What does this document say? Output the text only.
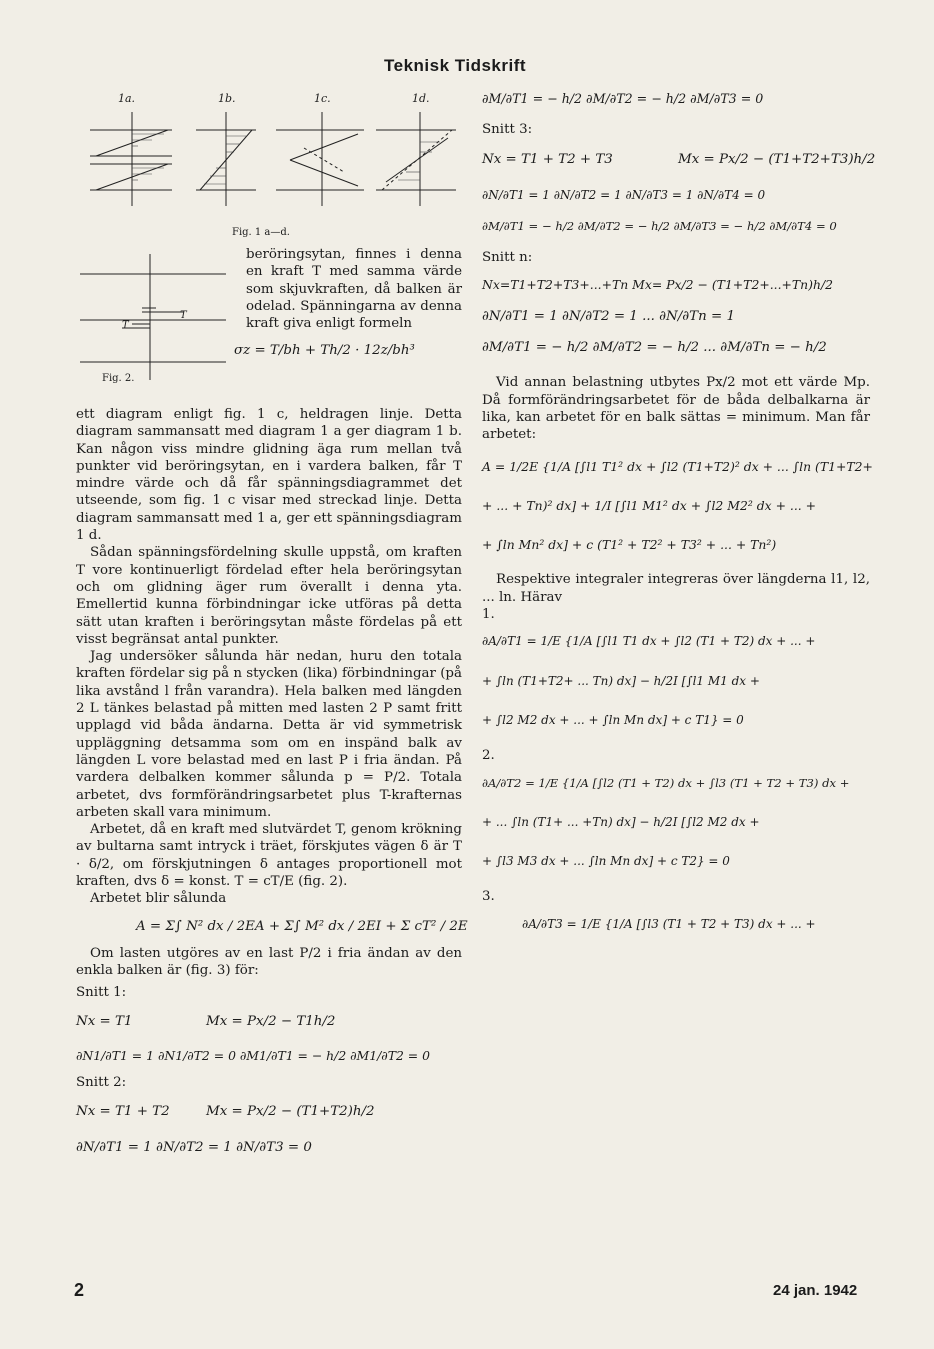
Teknisk Tidskrift
1a.	1b.	1c.	1d.
Fig. 1 a—d.
T
T
Fig. 2.

beröringsytan, finnes i denna en kraft T med samma värde som skjuvkraften, då balken är odelad. Spänningarna av denna kraft giva enligt formeln

σz = T/bh + Th/2 · 12z/bh³

ett diagram enligt fig. 1 c, heldragen linje. Detta diagram sammansatt med diagram 1 a ger diagram 1 b. Kan någon viss mindre glidning äga rum mellan två punkter vid beröringsytan, en i vardera balken, får T mindre värde och då får spänningsdiagrammet det utseende, som fig. 1 c visar med streckad linje. Detta diagram sammansatt med 1 a, ger ett spänningsdiagram 1 d.

Sådan spänningsfördelning skulle uppstå, om kraften T vore kontinuerligt fördelad efter hela beröringsytan och om glidning äger rum överallt i denna yta. Emellertid kunna förbindningar icke utföras på detta sätt utan kraften i beröringsytan måste fördelas på ett visst begränsat antal punkter.

Jag undersöker sålunda här nedan, huru den totala kraften fördelar sig på n stycken (lika) förbindningar (på lika avstånd l från varandra). Hela balken med längden 2 L tänkes belastad på mitten med lasten 2 P samt fritt upplagd vid båda ändarna. Detta är vid symmetrisk uppläggning detsamma som om en inspänd balk av längden L vore belastad med en last P i fria ändan. På vardera delbalken kommer sålunda p = P/2. Totala arbetet, dvs formförändringsarbetet plus T-krafternas arbeten skall vara minimum.

Arbetet, då en kraft med slutvärdet T, genom krökning av bultarna samt intryck i träet, förskjutes vägen δ är T · δ/2, om förskjutningen δ antages proportionell mot kraften, dvs δ = konst. T = cT/E (fig. 2).

Arbetet blir sålunda

A = Σ∫ N² dx / 2EA + Σ∫ M² dx / 2EI + Σ cT² / 2E

Om lasten utgöres av en last P/2 i fria ändan av den enkla balken är (fig. 3) för:

Snitt 1:
Nx = T1	Mx = Px/2 − T1h/2
∂N1/∂T1 = 1 ∂N1/∂T2 = 0 ∂M1/∂T1 = − h/2 ∂M1/∂T2 = 0
Snitt 2:
Nx = T1 + T2	Mx = Px/2 − (T1+T2)h/2
∂N/∂T1 = 1 ∂N/∂T2 = 1 ∂N/∂T3 = 0
∂M/∂T1 = − h/2 ∂M/∂T2 = − h/2 ∂M/∂T3 = 0
Snitt 3:
Nx = T1 + T2 + T3	Mx = Px/2 − (T1+T2+T3)h/2
∂N/∂T1 = 1 ∂N/∂T2 = 1 ∂N/∂T3 = 1 ∂N/∂T4 = 0
∂M/∂T1 = − h/2 ∂M/∂T2 = − h/2 ∂M/∂T3 = − h/2 ∂M/∂T4 = 0
Snitt n:
Nx=T1+T2+T3+...+Tn Mx= Px/2 − (T1+T2+...+Tn)h/2
∂N/∂T1 = 1 ∂N/∂T2 = 1 ... ∂N/∂Tn = 1
∂M/∂T1 = − h/2 ∂M/∂T2 = − h/2 ... ∂M/∂Tn = − h/2

Vid annan belastning utbytes Px/2 mot ett värde Mp. Då formförändringsarbetet för de båda delbalkarna är lika, kan arbetet för en balk sättas = minimum. Man får arbetet:

A = 1/2E {1/A [∫l1 T1² dx + ∫l2 (T1+T2)² dx + ... ∫ln (T1+T2+
+ ... + Tn)² dx] + 1/I [∫l1 M1² dx + ∫l2 M2² dx + ... +
+ ∫ln Mn² dx] + c (T1² + T2² + T3² + ... + Tn²)

Respektive integraler integreras över längderna l1, l2, ... ln. Härav

1.
∂A/∂T1 = 1/E {1/A [∫l1 T1 dx + ∫l2 (T1 + T2) dx + ... +
+ ∫ln (T1+T2+ ... Tn) dx] − h/2I [∫l1 M1 dx +
+ ∫l2 M2 dx + ... + ∫ln Mn dx] + c T1} = 0
2.
∂A/∂T2 = 1/E {1/A [∫l2 (T1 + T2) dx + ∫l3 (T1 + T2 + T3) dx +
+ ... ∫ln (T1+ ... +Tn) dx] − h/2I [∫l2 M2 dx +
+ ∫l3 M3 dx + ... ∫ln Mn dx] + c T2} = 0
3.
∂A/∂T3 = 1/E {1/A [∫l3 (T1 + T2 + T3) dx + ... +
2	24 jan. 1942
